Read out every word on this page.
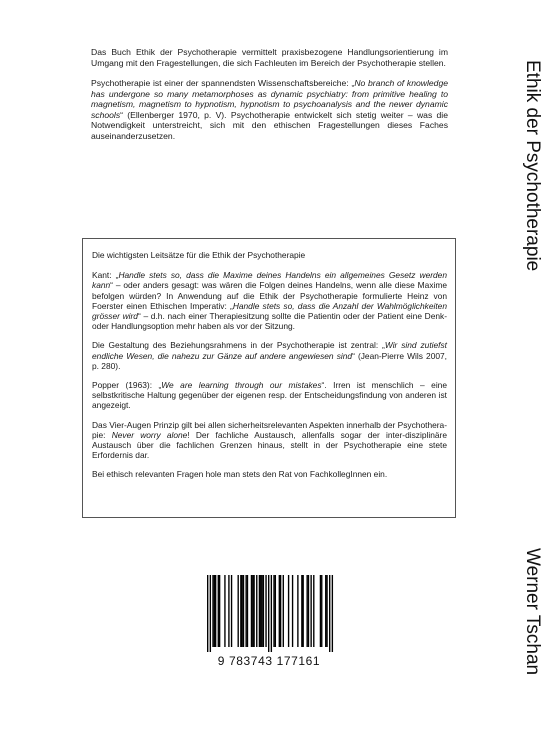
Das Buch Ethik der Psychotherapie vermittelt praxisbezogene Handlungsorientierung im Umgang mit den Fragestellungen, die sich Fachleuten im Bereich der Psychotherapie stellen.

Psychotherapie ist einer der spannendsten Wissenschaftsbereiche: „No branch of knowledge has undergone so many metamorphoses as dynamic psychiatry: from primitive healing to magnetism, magnetism to hypnotism, hypnotism to psychoanalysis and the newer dynamic schools“ (Ellenberger 1970, p. V). Psychotherapie entwickelt sich stetig weiter – was die Notwendigkeit unterstreicht, sich mit den ethischen Fragestellungen dieses Faches auseinanderzusetzen.

Die wichtigsten Leitsätze für die Ethik der Psychotherapie

Kant: „Handle stets so, dass die Maxime deines Handelns ein allgemeines Gesetz werden kann“ – oder anders gesagt: was wären die Folgen deines Handelns, wenn alle diese Maxime befolgen würden? In Anwendung auf die Ethik der Psychotherapie formulierte Heinz von Foerster einen Ethischen Imperativ: „Handle stets so, dass die Anzahl der Wahlmöglichkeiten grösser wird“ – d.h. nach einer Therapiesitzung sollte die Patientin oder der Patient eine Denk- oder Handlungsoption mehr haben als vor der Sitzung.

Die Gestaltung des Beziehungsrahmens in der Psychotherapie ist zentral: „Wir sind zutiefst endliche Wesen, die nahezu zur Gänze auf andere angewiesen sind“ (Jean-Pierre Wils 2007, p. 280).

Popper (1963): „We are learning through our mistakes“. Irren ist menschlich – eine selbstkritische Haltung gegenüber der eigenen resp. der Entscheidungsfindung von anderen ist angezeigt.

Das Vier-Augen Prinzip gilt bei allen sicherheitsrelevanten Aspekten innerhalb der Psychothera-pie: Never worry alone! Der fachliche Austausch, allenfalls sogar der inter-disziplinäre Austausch über die fachlichen Grenzen hinaus, stellt in der Psychotherapie eine stete Erfordernis dar.

Bei ethisch relevanten Fragen hole man stets den Rat von FachkollegInnen ein.

9 783743 177161
Ethik der Psychotherapie
Werner Tschan
